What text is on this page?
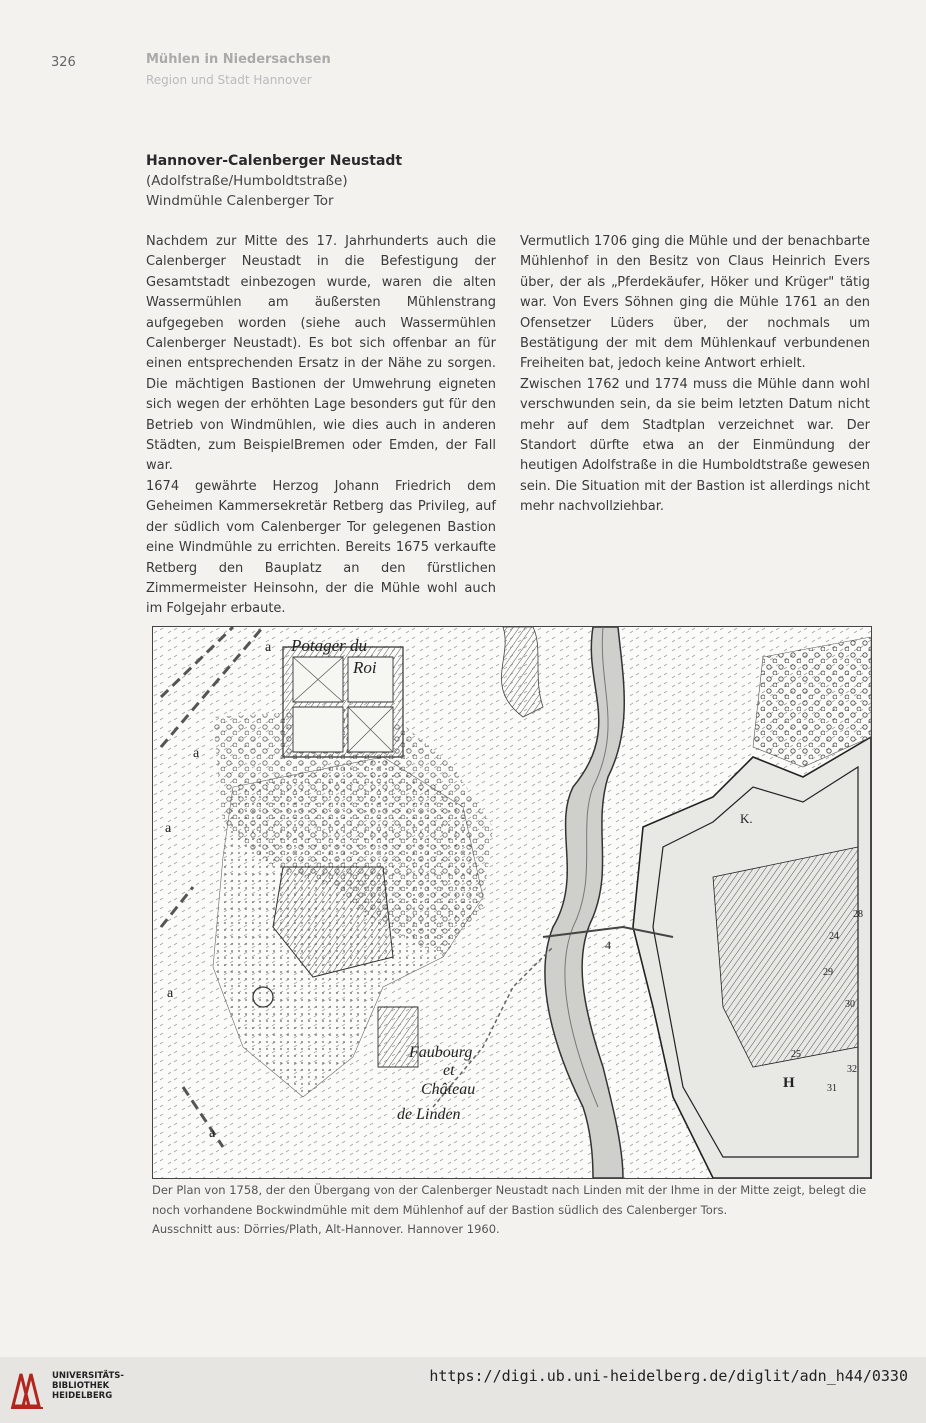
326	Mühlen in Niedersachsen
Region und Stadt Hannover
Hannover-Calenberger Neustadt
(Adolfstraße/Humboldtstraße)
Windmühle Calenberger Tor

Nachdem zur Mitte des 17. Jahrhunderts auch die Calenberger Neustadt in die Befestigung der Gesamtstadt einbezogen wurde, waren die alten Wassermühlen am äußersten Mühlenstrang aufgegeben worden (siehe auch Wassermühlen Calenberger Neustadt). Es bot sich offenbar an für einen entsprechenden Ersatz in der Nähe zu sorgen. Die mächtigen Bastionen der Umwehrung eigneten sich wegen der erhöhten Lage besonders gut für den Betrieb von Windmühlen, wie dies auch in anderen Städten, zum BeispielBremen oder Emden, der Fall war.

1674 gewährte Herzog Johann Friedrich dem Geheimen Kammersekretär Retberg das Privileg, auf der südlich vom Calenberger Tor gelegenen Bastion eine Windmühle zu errichten. Bereits 1675 verkaufte Retberg den Bauplatz an den fürstlichen Zimmermeister Heinsohn, der die Mühle wohl auch im Folgejahr erbaute.

Vermutlich 1706 ging die Mühle und der benachbarte Mühlenhof in den Besitz von Claus Heinrich Evers über, der als „Pferdekäufer, Höker und Krüger" tätig war. Von Evers Söhnen ging die Mühle 1761 an den Ofensetzer Lüders über, der nochmals um Bestätigung der mit dem Mühlenkauf verbundenen Freiheiten bat, jedoch keine Antwort erhielt.

Zwischen 1762 und 1774 muss die Mühle dann wohl verschwunden sein, da sie beim letzten Datum nicht mehr auf dem Stadtplan verzeichnet war. Der Standort dürfte etwa an der Einmündung der heutigen Adolfstraße in die Humboldtstraße gewesen sein. Die Situation mit der Bastion ist allerdings nicht mehr nachvollziehbar.

Potager du
Roi
Faubourg
et
Château
de Linden
a
a
a
a
a
K.
H
4
28
24
29
30
25
31
32

Der Plan von 1758, der den Übergang von der Calenberger Neustadt nach Linden mit der Ihme in der Mitte zeigt, belegt die noch vorhandene Bockwindmühle mit dem Mühlenhof auf der Bastion südlich des Calenberger Tors.

Ausschnitt aus: Dörries/Plath, Alt-Hannover. Hannover 1960.

UNIVERSITÄTS-
BIBLIOTHEK
HEIDELBERG
https://digi.ub.uni-heidelberg.de/diglit/adn_h44/0330
